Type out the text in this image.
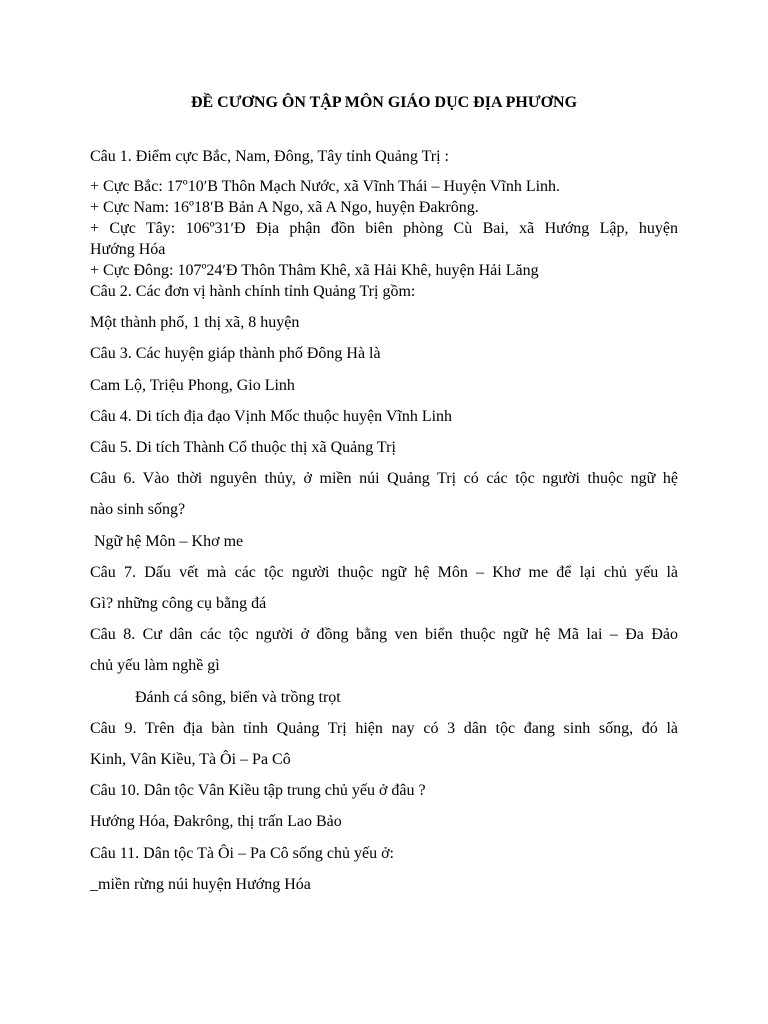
ĐỀ CƯƠNG ÔN TẬP MÔN GIÁO DỤC ĐỊA PHƯƠNG

Câu 1. Điểm cực Bắc, Nam, Đông, Tây tỉnh Quảng Trị :

+ Cực Bắc: 17º10ʹB Thôn Mạch Nước, xã Vĩnh Thái – Huyện Vĩnh Linh.

+ Cực Nam: 16º18ʹB Bản A Ngo, xã A Ngo, huyện Đakrông.

+ Cực Tây: 106º31ʹĐ Địa phận đồn biên phòng Cù Bai, xã Hướng Lập, huyện

Hướng Hóa

+ Cực Đông: 107º24ʹĐ Thôn Thâm Khê, xã Hải Khê, huyện Hải Lăng

Câu 2. Các đơn vị hành chính tỉnh Quảng Trị gồm:

Một thành phố, 1 thị xã, 8 huyện

Câu 3. Các huyện giáp thành phố Đông Hà là

Cam Lộ, Triệu Phong, Gio Linh

Câu 4. Di tích địa đạo Vịnh Mốc thuộc huyện Vĩnh Linh

Câu 5. Di tích Thành Cổ thuộc thị xã Quảng Trị

Câu 6. Vào thời nguyên thủy, ở miền núi Quảng Trị có các tộc người thuộc ngữ hệ

nào sinh sống?

Ngữ hệ Môn – Khơ me

Câu 7. Dấu vết mà các tộc người thuộc ngữ hệ Môn – Khơ me để lại chủ yếu là

Gì? những công cụ bằng đá

Câu 8. Cư dân các tộc người ở đồng bằng ven biển thuộc ngữ hệ Mã lai – Đa Đảo

chủ yếu làm nghề gì

Đánh cá sông, biển và trồng trọt

Câu 9. Trên địa bàn tỉnh Quảng Trị hiện nay có 3 dân tộc đang sinh sống, đó là

Kinh, Vân Kiều, Tà Ôi – Pa Cô

Câu 10. Dân tộc Vân Kiều tập trung chủ yếu ở đâu ?

Hướng Hóa, Đakrông, thị trấn Lao Bảo

Câu 11. Dân tộc Tà Ôi – Pa Cô sống chủ yếu ở:

_miền rừng núi huyện Hướng Hóa
